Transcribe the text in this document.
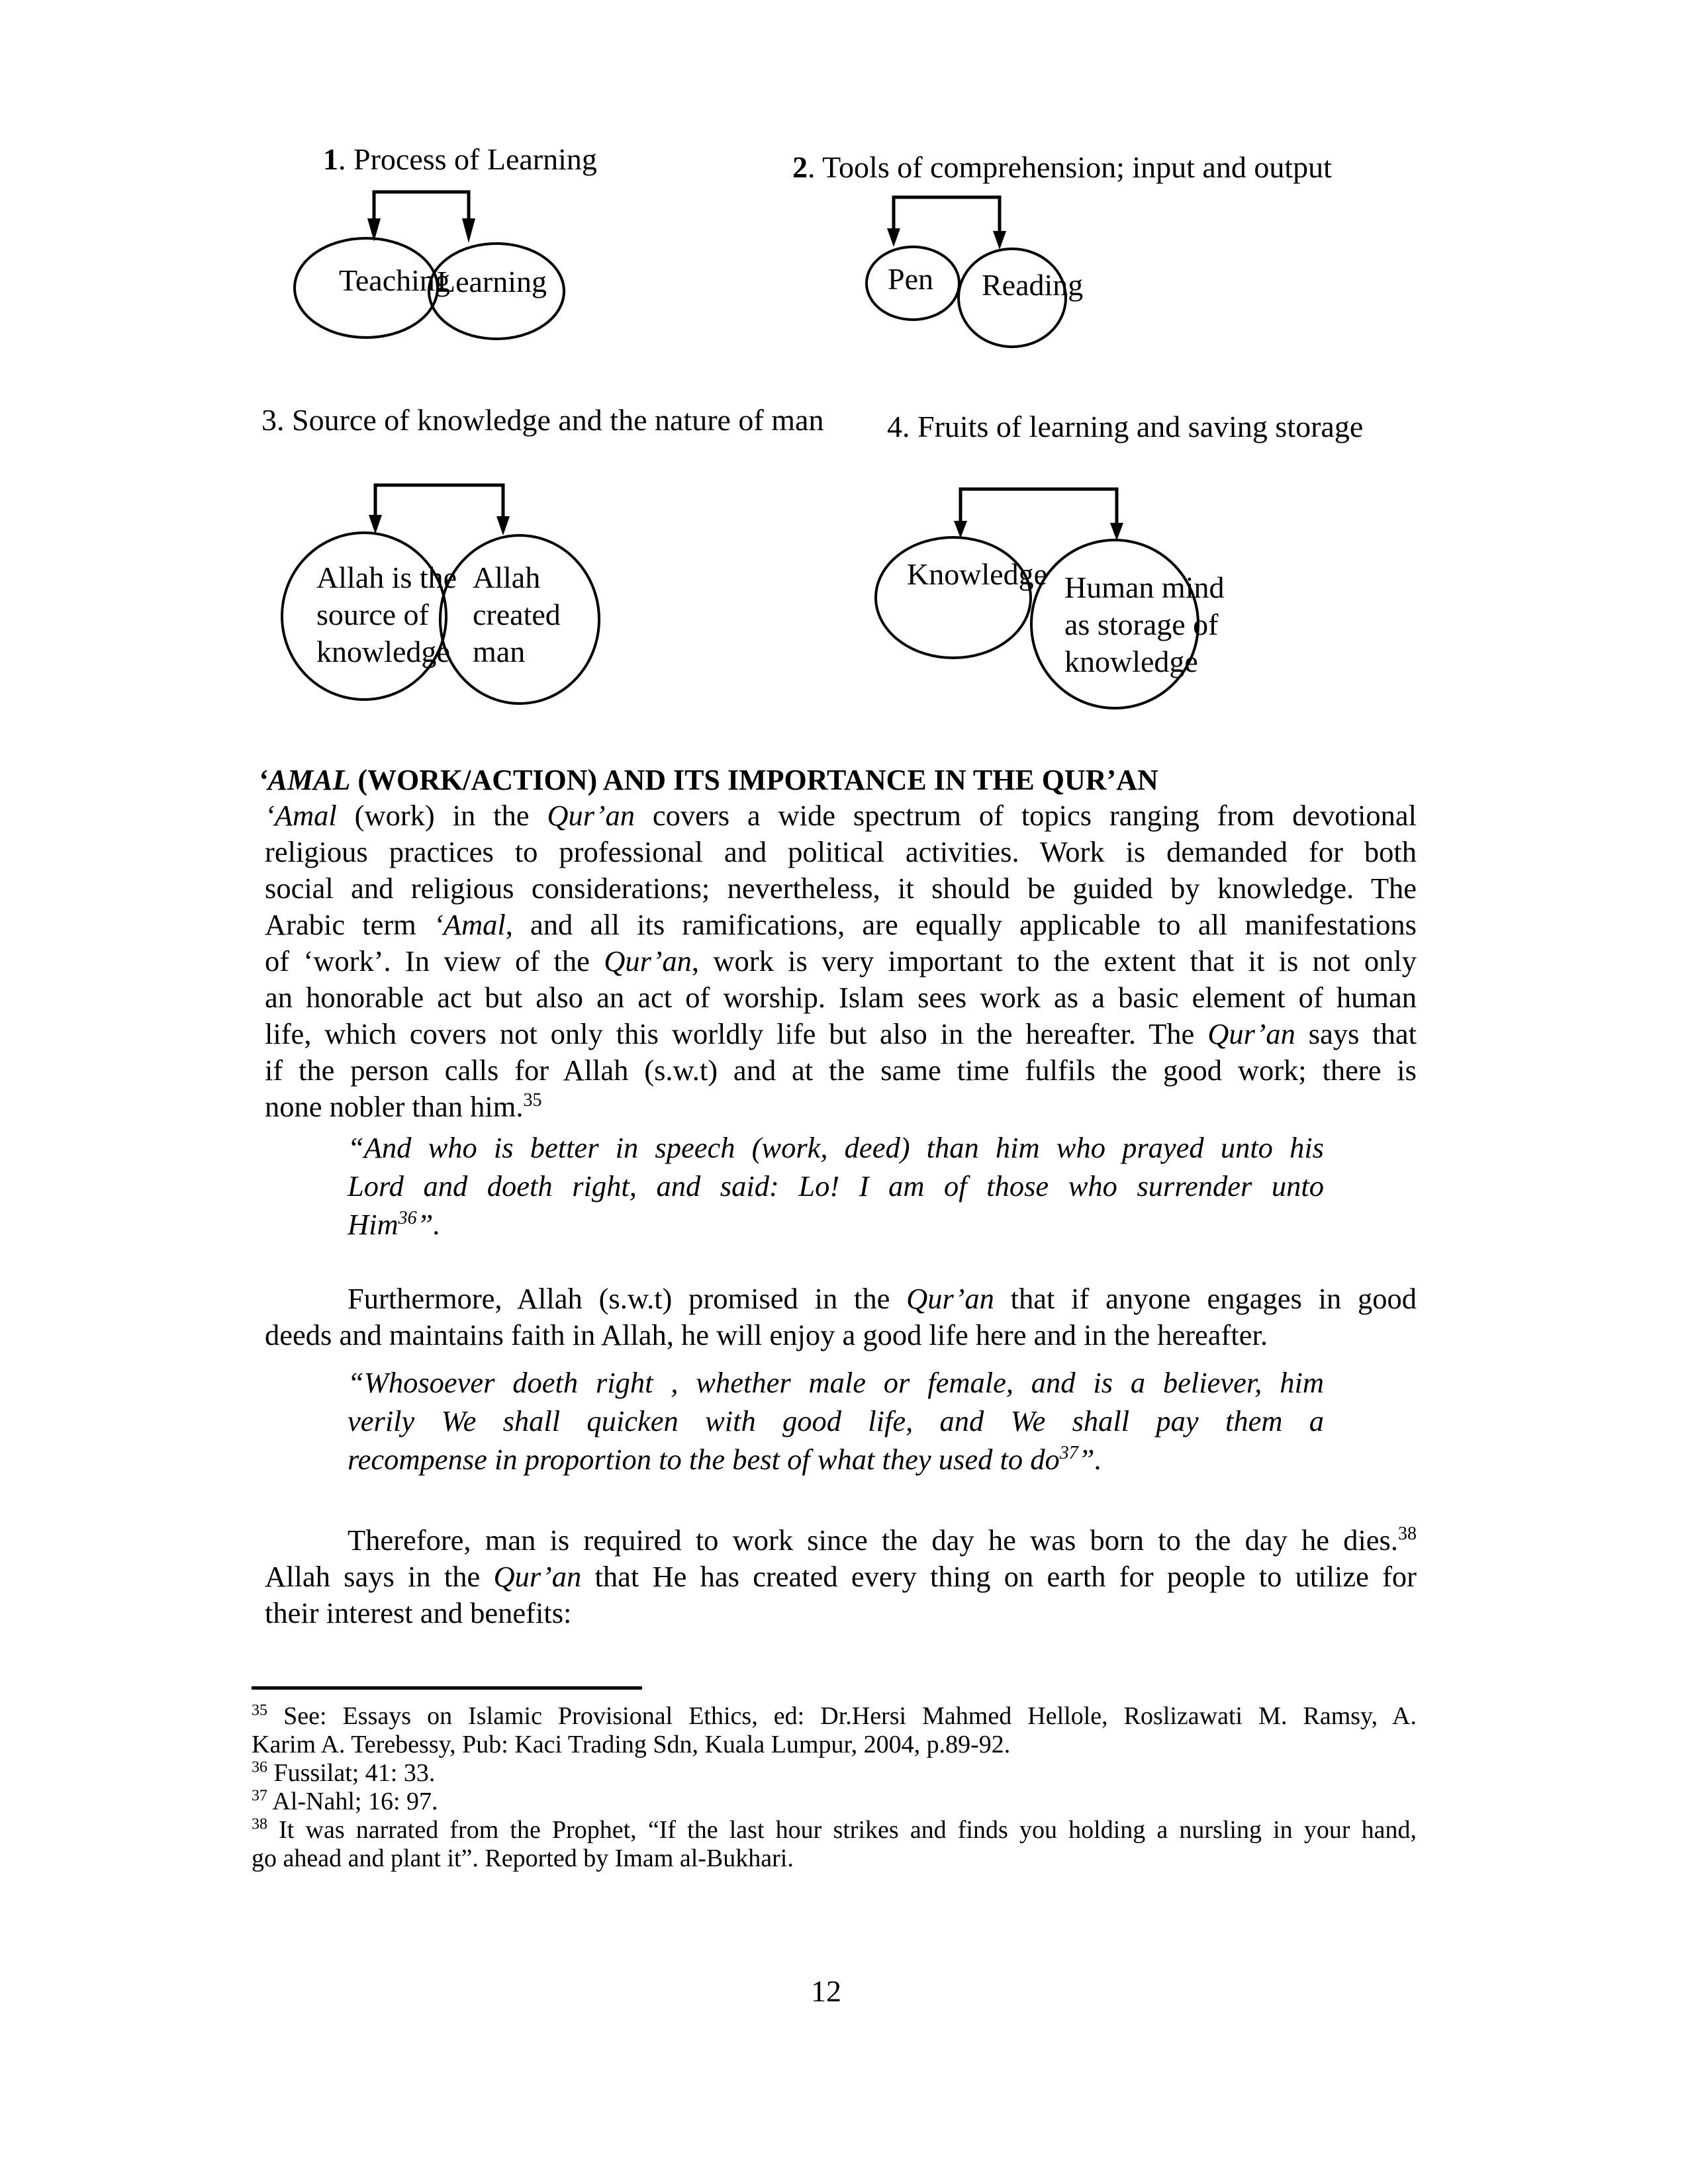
1. Process of Learning	2. Tools of comprehension; input and output
3. Source of knowledge and the nature of man 4. Fruits of learning and saving storage
Teaching
Learning	Pen Reading
Allah is the
source of
knowledge
Allah
created
man
Knowledge Human mind
as storage of
knowledge
‘AMAL (WORK/ACTION) AND ITS IMPORTANCE IN THE QUR’AN
‘Amal (work) in the Qur’an covers a wide spectrum of topics ranging from devotional
religious practices to professional and political activities. Work is demanded for both
social and religious considerations; nevertheless, it should be guided by knowledge. The
Arabic term ‘Amal, and all its ramifications, are equally applicable to all manifestations
of ‘work’. In view of the Qur’an, work is very important to the extent that it is not only
an honorable act but also an act of worship. Islam sees work as a basic element of human
life, which covers not only this worldly life but also in the hereafter. The Qur’an says that
if the person calls for Allah (s.w.t) and at the same time fulfils the good work; there is
none nobler than him.$^{35}$
“And who is better in speech (work, deed) than him who prayed unto his
Lord and doeth right, and said: Lo! I am of those who surrender unto
Him$^{36}$”.
Furthermore, Allah (s.w.t) promised in the Qur’an that if anyone engages in good
deeds and maintains faith in Allah, he will enjoy a good life here and in the hereafter.
“Whosoever doeth right , whether male or female, and is a believer, him
verily We shall quicken with good life, and We shall pay them a
recompense in proportion to the best of what they used to $do^{37}$”.
Therefore, man is required to work since the day he was born to the day he dies.$^{38}$
Allah says in the Qur’an that He has created every thing on earth for people to utilize for
their interest and benefits:
$^{35}$ See: Essays on Islamic Provisional Ethics, ed: Dr.Hersi Mahmed Hellole, Roslizawati M. Ramsy, A.
Karim A. Terebessy, Pub: Kaci Trading Sdn, Kuala Lumpur, 2004, p.89-92.
$^{36}$ Fussilat; 41: 33.
$^{37}$ Al-Nahl; 16: 97.
$^{38}$ It was narrated from the Prophet, “If the last hour strikes and finds you holding a nursling in your hand,
go ahead and plant it”. Reported by Imam al-Bukhari.
12
